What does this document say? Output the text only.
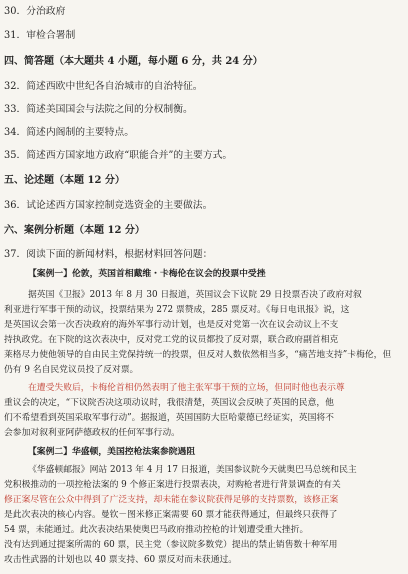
30．分治政府
31．审检合署制
四、简答题（本大题共 4 小题，每小题 6 分，共 24 分）
32．简述西欧中世纪各自治城市的自治特征。
33．简述美国国会与法院之间的分权制衡。
34．简述内阁制的主要特点。
35．简述西方国家地方政府“职能合并”的主要方式。
五、论述题（本题 12 分）
36．试论述西方国家控制竞选资金的主要做法。
六、案例分析题（本题 12 分）
37．阅读下面的新闻材料，根据材料回答问题：
【案例一】伦敦，英国首相戴维・卡梅伦在议会的投票中受挫
据英国《卫报》2013 年 8 月 30 日报道，英国议会下议院 29 日投票否决了政府对叙
利亚进行军事干预的动议，投票结果为 272 票赞成，285 票反对。《每日电讯报》说，这
是英国议会第一次否决政府的海外军事行动计划，也是反对党第一次在议会动议上不支
持执政党。在下院的这次表决中，反对党工党的议员都投了反对票，联合政府副首相克
莱格尽力使他领导的自由民主党保持统一的投票，但反对人数依然相当多，“痛苦地支持”卡梅伦，但
仍有 9 名自民党议员投了反对票。
在遭受失败后，卡梅伦首相仍然表明了他主张军事干预的立场，但同时他也表示尊
重议会的决定，“下议院否决这项动议时，我很清楚，英国议会反映了英国的民意，他
们不希望看到英国采取军事行动”。据报道，英国国防大臣哈蒙德已经证实，英国将不
会参加对叙利亚阿萨德政权的任何军事行动。
【案例二】华盛顿，美国控枪法案参院遇阻
《华盛顿邮报》网站 2013 年 4 月 17 日报道，美国参议院今天就奥巴马总统和民主
党积极推动的一项控枪法案的 9 个修正案进行投票表决，对购枪者进行背景调查的有关
修正案尽管在公众中得到了广泛支持，却未能在参议院获得足够的支持票数，该修正案
是此次表决的核心内容。曼钦－图米修正案需要 60 票才能获得通过，但最终只获得了
54 票，未能通过。此次表决结果使奥巴马政府推动控枪的计划遭受重大挫折。
没有达到通过提案所需的 60 票，民主党（参议院多数党）提出的禁止销售数十种军用
攻击性武器的计划也以 40 票支持、60 票反对而未获通过。
